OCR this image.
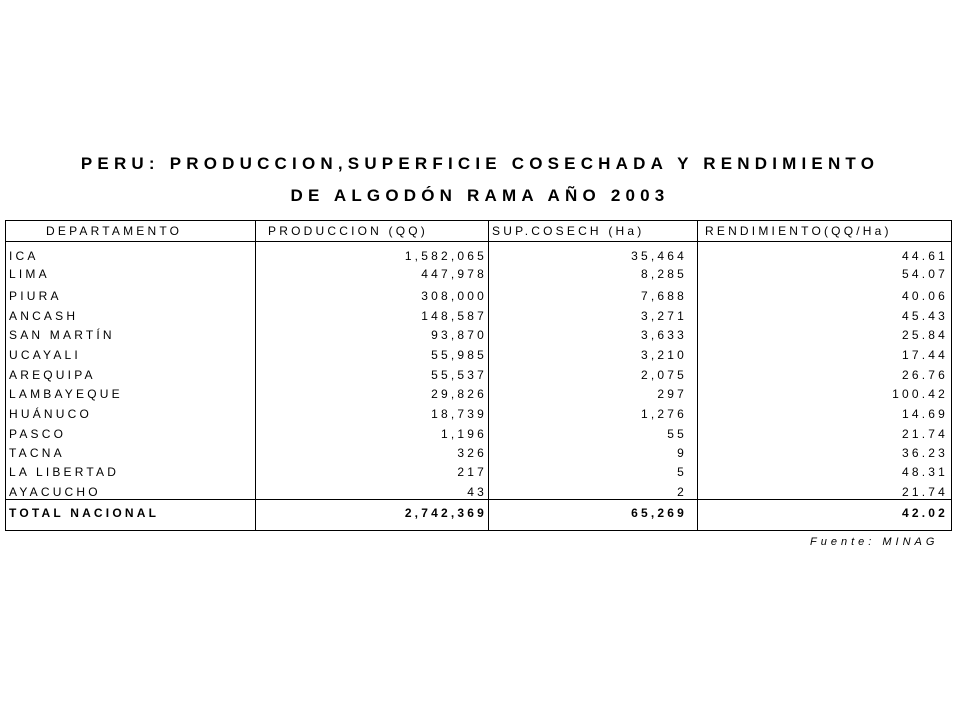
PERU: PRODUCCION,SUPERFICIE COSECHADA Y RENDIMIENTO
DE ALGODÓN RAMA AÑO 2003
DEPARTAMENTO	PRODUCCION (QQ)	SUP.COSECH (Ha)	RENDIMIENTO(QQ/Ha)
ICA	1,582,065	35,464	44.61
LIMA	447,978	8,285	54.07
PIURA	308,000	7,688	40.06
ANCASH	148,587	3,271	45.43
SAN MARTÍN	93,870	3,633	25.84
UCAYALI	55,985	3,210	17.44
AREQUIPA	55,537	2,075	26.76
LAMBAYEQUE	29,826	297	100.42
HUÁNUCO	18,739	1,276	14.69
PASCO	1,196	55	21.74
TACNA	326	9	36.23
LA LIBERTAD	217	5	48.31
AYACUCHO	43	2	21.74
TOTAL NACIONAL	2,742,369	65,269	42.02
Fuente: MINAG
